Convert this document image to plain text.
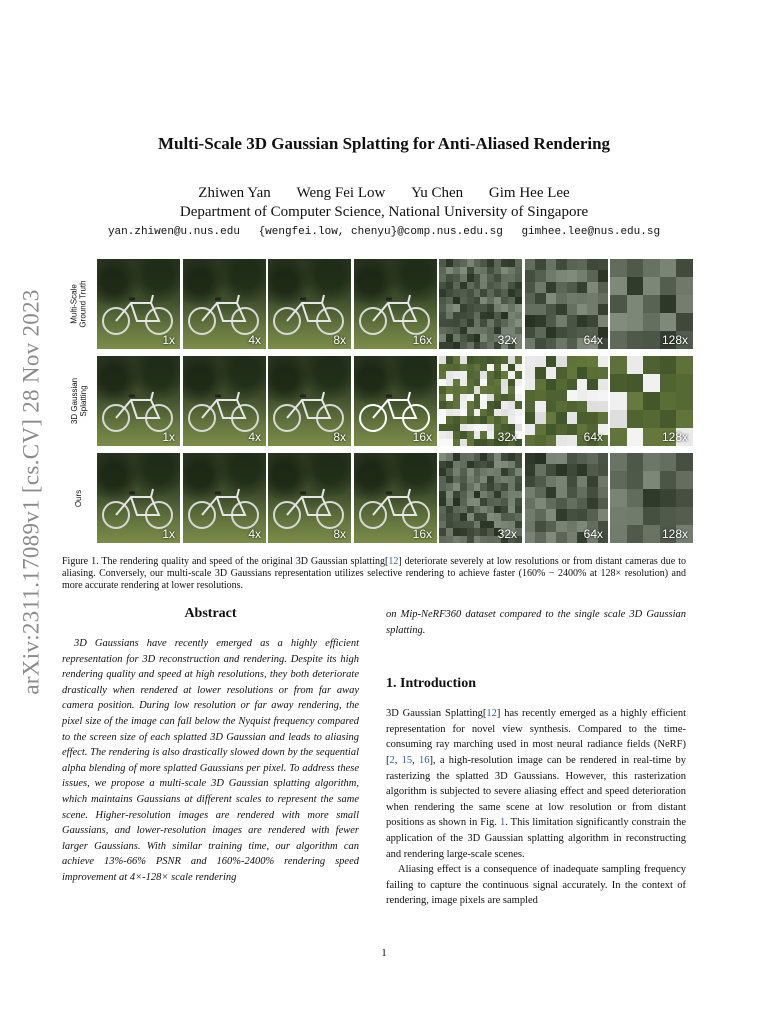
arXiv:2311.17089v1 [cs.CV] 28 Nov 2023
Multi-Scale 3D Gaussian Splatting for Anti-Aliased Rendering
Zhiwen Yan Weng Fei Low Yu Chen Gim Hee Lee
Department of Computer Science, National University of Singapore
yan.zhiwen@u.nus.edu {wengfei.low, chenyu}@comp.nus.edu.sg gimhee.lee@nus.edu.sg
Multi-Scale
Ground Truth
3D Gaussian
Splatting
Ours
1x	4x	8x	16x	32x	64x	128x
1x	4x	8x	16x	32x	64x	128x
1x	4x	8x	16x	32x	64x	128x
Figure 1. The rendering quality and speed of the original 3D Gaussian splatting[12] deteriorate severely at low resolutions or from distant cameras due to aliasing. Conversely, our multi-scale 3D Gaussians representation utilizes selective rendering to achieve faster (160% − 2400% at 128× resolution) and more accurate rendering at lower resolutions.
Abstract

3D Gaussians have recently emerged as a highly efficient representation for 3D reconstruction and rendering. Despite its high rendering quality and speed at high resolutions, they both deteriorate drastically when rendered at lower resolutions or from far away camera position. During low resolution or far away rendering, the pixel size of the image can fall below the Nyquist frequency compared to the screen size of each splatted 3D Gaussian and leads to aliasing effect. The rendering is also drastically slowed down by the sequential alpha blending of more splatted Gaussians per pixel. To address these issues, we propose a multi-scale 3D Gaussian splatting algorithm, which maintains Gaussians at different scales to represent the same scene. Higher-resolution images are rendered with more small Gaussians, and lower-resolution images are rendered with fewer larger Gaussians. With similar training time, our algorithm can achieve 13%-66% PSNR and 160%-2400% rendering speed improvement at 4×-128× scale rendering

on Mip-NeRF360 dataset compared to the single scale 3D Gaussian splatting.

1. Introduction

3D Gaussian Splatting[12] has recently emerged as a highly efficient representation for novel view synthesis. Compared to the time-consuming ray marching used in most neural radiance fields (NeRF) [2, 15, 16], a high-resolution image can be rendered in real-time by rasterizing the splatted 3D Gaussians. However, this rasterization algorithm is subjected to severe aliasing effect and speed deterioration when rendering the same scene at low resolution or from distant positions as shown in Fig. 1. This limitation significantly constrain the application of the 3D Gaussian splatting algorithm in reconstructing and rendering large-scale scenes.

Aliasing effect is a consequence of inadequate sampling frequency failing to capture the continuous signal accurately. In the context of rendering, image pixels are sampled

1
